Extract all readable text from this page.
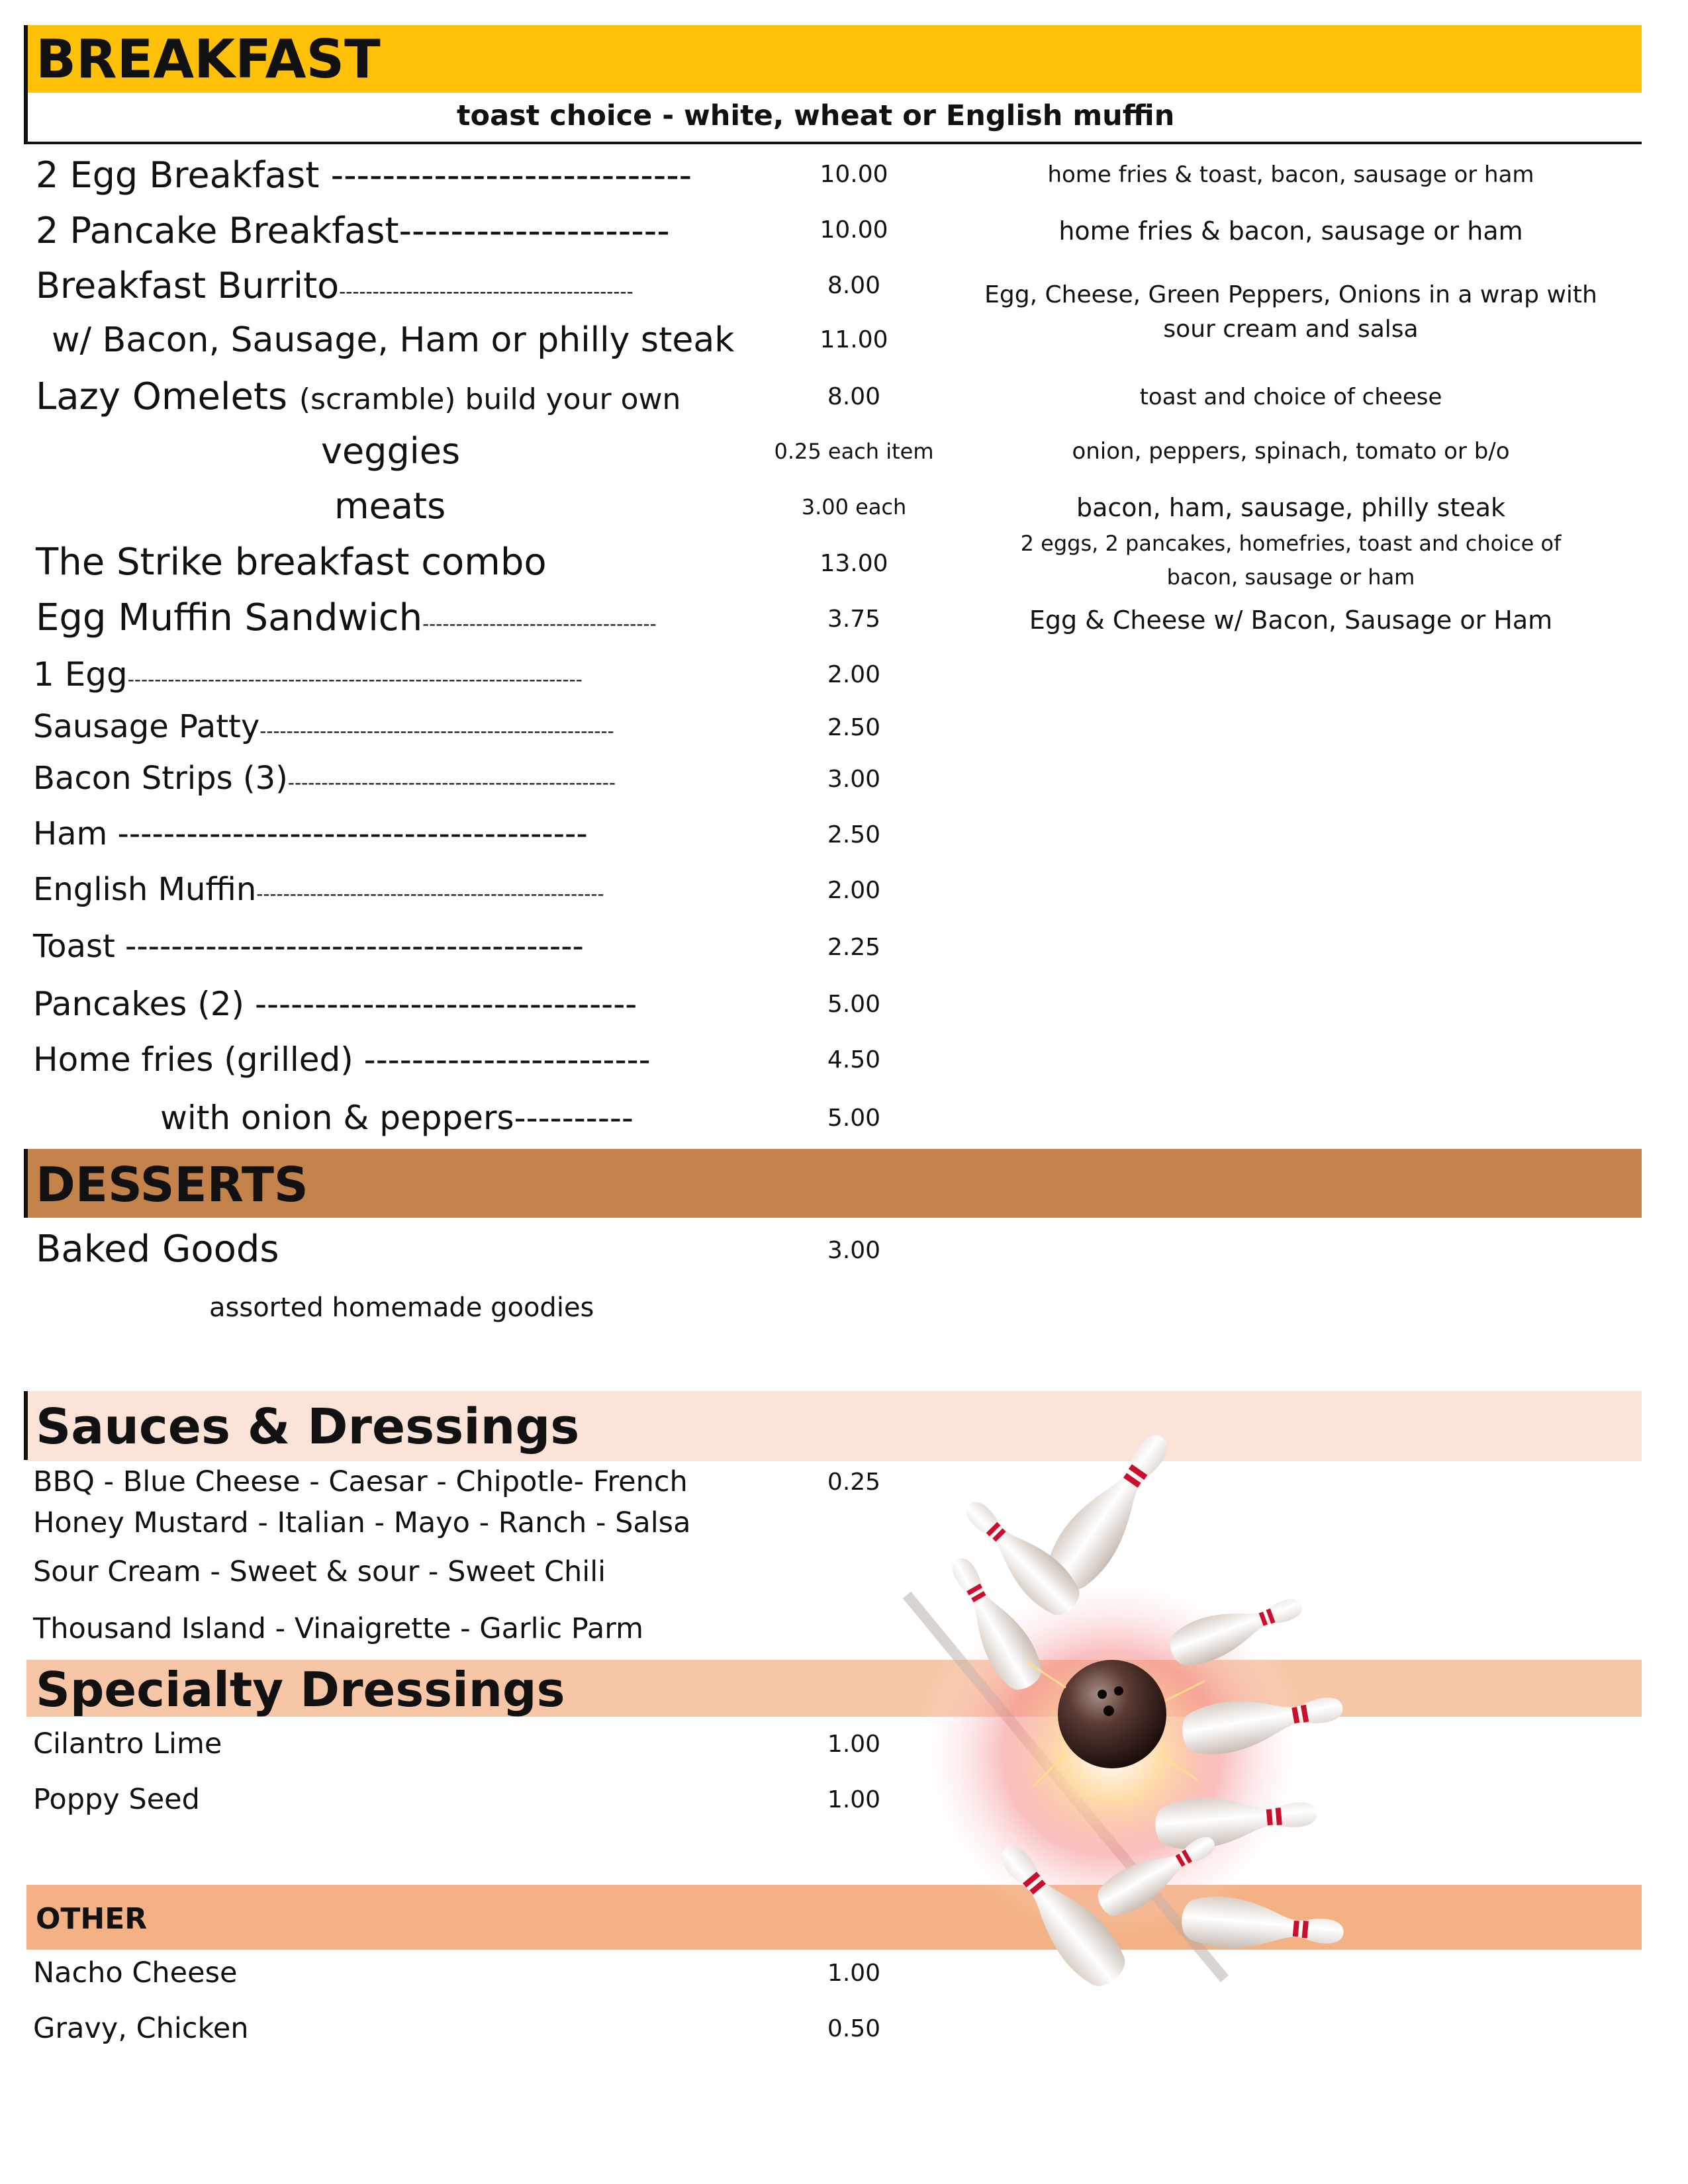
BREAKFAST
toast choice - white, wheat or English muffin
2 Egg Breakfast ----------------------------	10.00	home fries & toast, bacon, sausage or ham
2 Pancake Breakfast---------------------	10.00	home fries & bacon, sausage or ham
Breakfast Burrito--------------------------------------------	8.00	Egg, Cheese, Green Peppers, Onions in a wrap with sour cream and salsa
w/ Bacon, Sausage, Ham or philly steak	11.00
Lazy Omelets (scramble) build your own	8.00	toast and choice of cheese
veggies	0.25 each item	onion, peppers, spinach, tomato or b/o
meats	3.00 each	bacon, ham, sausage, philly steak
The Strike breakfast combo	13.00
2 eggs, 2 pancakes, homefries, toast and choice of bacon, sausage or ham
Egg Muffin Sandwich-----------------------------------	3.75	Egg & Cheese w/ Bacon, Sausage or Ham
1 Egg--------------------------------------------------------------------	2.00
Sausage Patty-----------------------------------------------------	2.50
Bacon Strips (3)-------------------------------------------------	3.00
Ham -----------------------------------------	2.50
English Muffin----------------------------------------------------	2.00
Toast ----------------------------------------	2.25
Pancakes (2) --------------------------------	5.00
Home fries (grilled) ------------------------	4.50
with onion & peppers----------	5.00
DESSERTS
Baked Goods	3.00
assorted homemade goodies
Sauces & Dressings
BBQ - Blue Cheese - Caesar - Chipotle- French	0.25
Honey Mustard - Italian - Mayo - Ranch - Salsa
Sour Cream - Sweet & sour - Sweet Chili
Thousand Island - Vinaigrette - Garlic Parm
Specialty Dressings
Cilantro Lime	1.00
Poppy Seed	1.00
OTHER
Nacho Cheese	1.00
Gravy, Chicken	0.50
